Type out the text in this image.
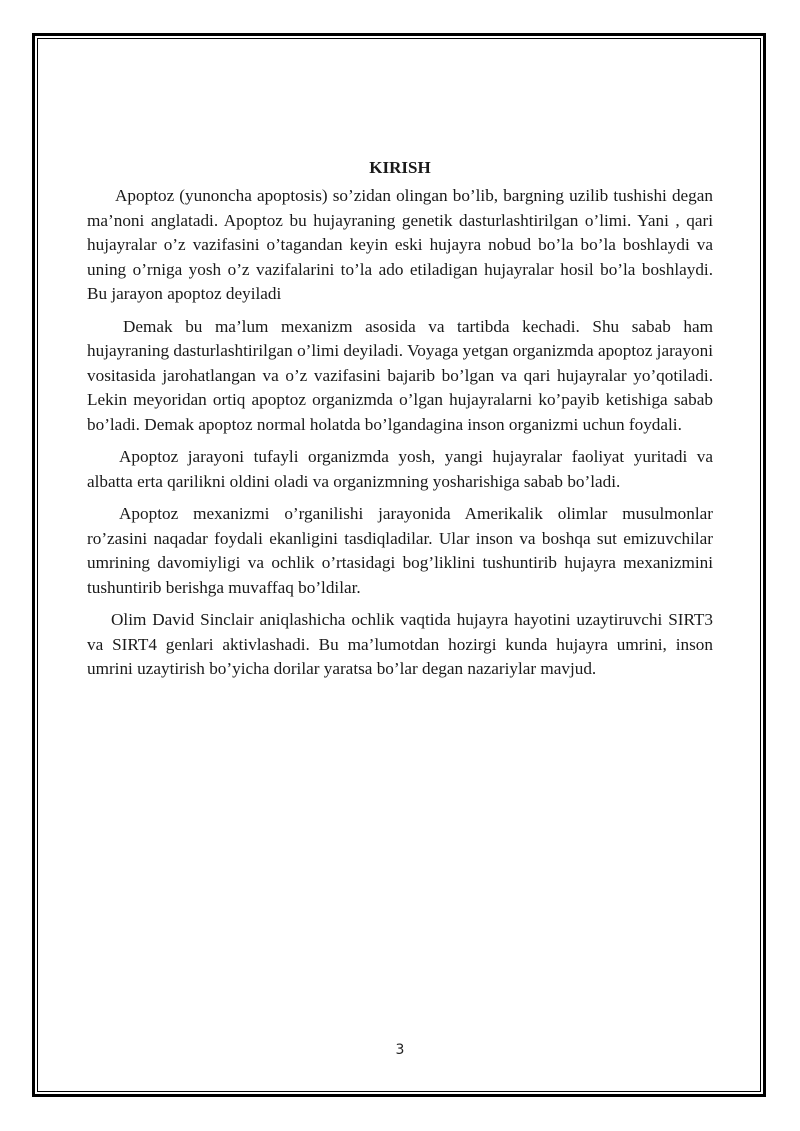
KIRISH

Apoptoz (yunoncha apoptosis) so’zidan olingan bo’lib, bargning uzilib tushishi degan ma’noni anglatadi. Apoptoz bu hujayraning genetik dasturlashtirilgan o’limi. Yani , qari hujayralar o’z vazifasini o’tagandan keyin eski hujayra nobud bo’la bo’la boshlaydi va uning o’rniga yosh o’z vazifalarini to’la ado etiladigan hujayralar hosil bo’la boshlaydi. Bu jarayon apoptoz deyiladi

Demak bu ma’lum mexanizm asosida va tartibda kechadi. Shu sabab ham hujayraning dasturlashtirilgan o’limi deyiladi. Voyaga yetgan organizmda apoptoz jarayoni vositasida jarohatlangan va o’z vazifasini bajarib bo’lgan va qari hujayralar yo’qotiladi. Lekin meyoridan ortiq apoptoz organizmda o’lgan hujayralarni ko’payib ketishiga sabab bo’ladi. Demak apoptoz normal holatda bo’lgandagina inson organizmi uchun foydali.

Apoptoz jarayoni tufayli organizmda yosh, yangi hujayralar faoliyat yuritadi va albatta erta qarilikni oldini oladi va organizmning yosharishiga sabab bo’ladi.

Apoptoz mexanizmi o’rganilishi jarayonida Amerikalik olimlar musulmonlar ro’zasini naqadar foydali ekanligini tasdiqladilar. Ular inson va boshqa sut emizuvchilar umrining davomiyligi va ochlik o’rtasidagi bog’liklini tushuntirib hujayra mexanizmini tushuntirib berishga muvaffaq bo’ldilar.

Olim David Sinclair aniqlashicha ochlik vaqtida hujayra hayotini uzaytiruvchi SIRT3 va SIRT4 genlari aktivlashadi. Bu ma’lumotdan hozirgi kunda hujayra umrini, inson umrini uzaytirish bo’yicha dorilar yaratsa bo’lar degan nazariylar mavjud.

3
